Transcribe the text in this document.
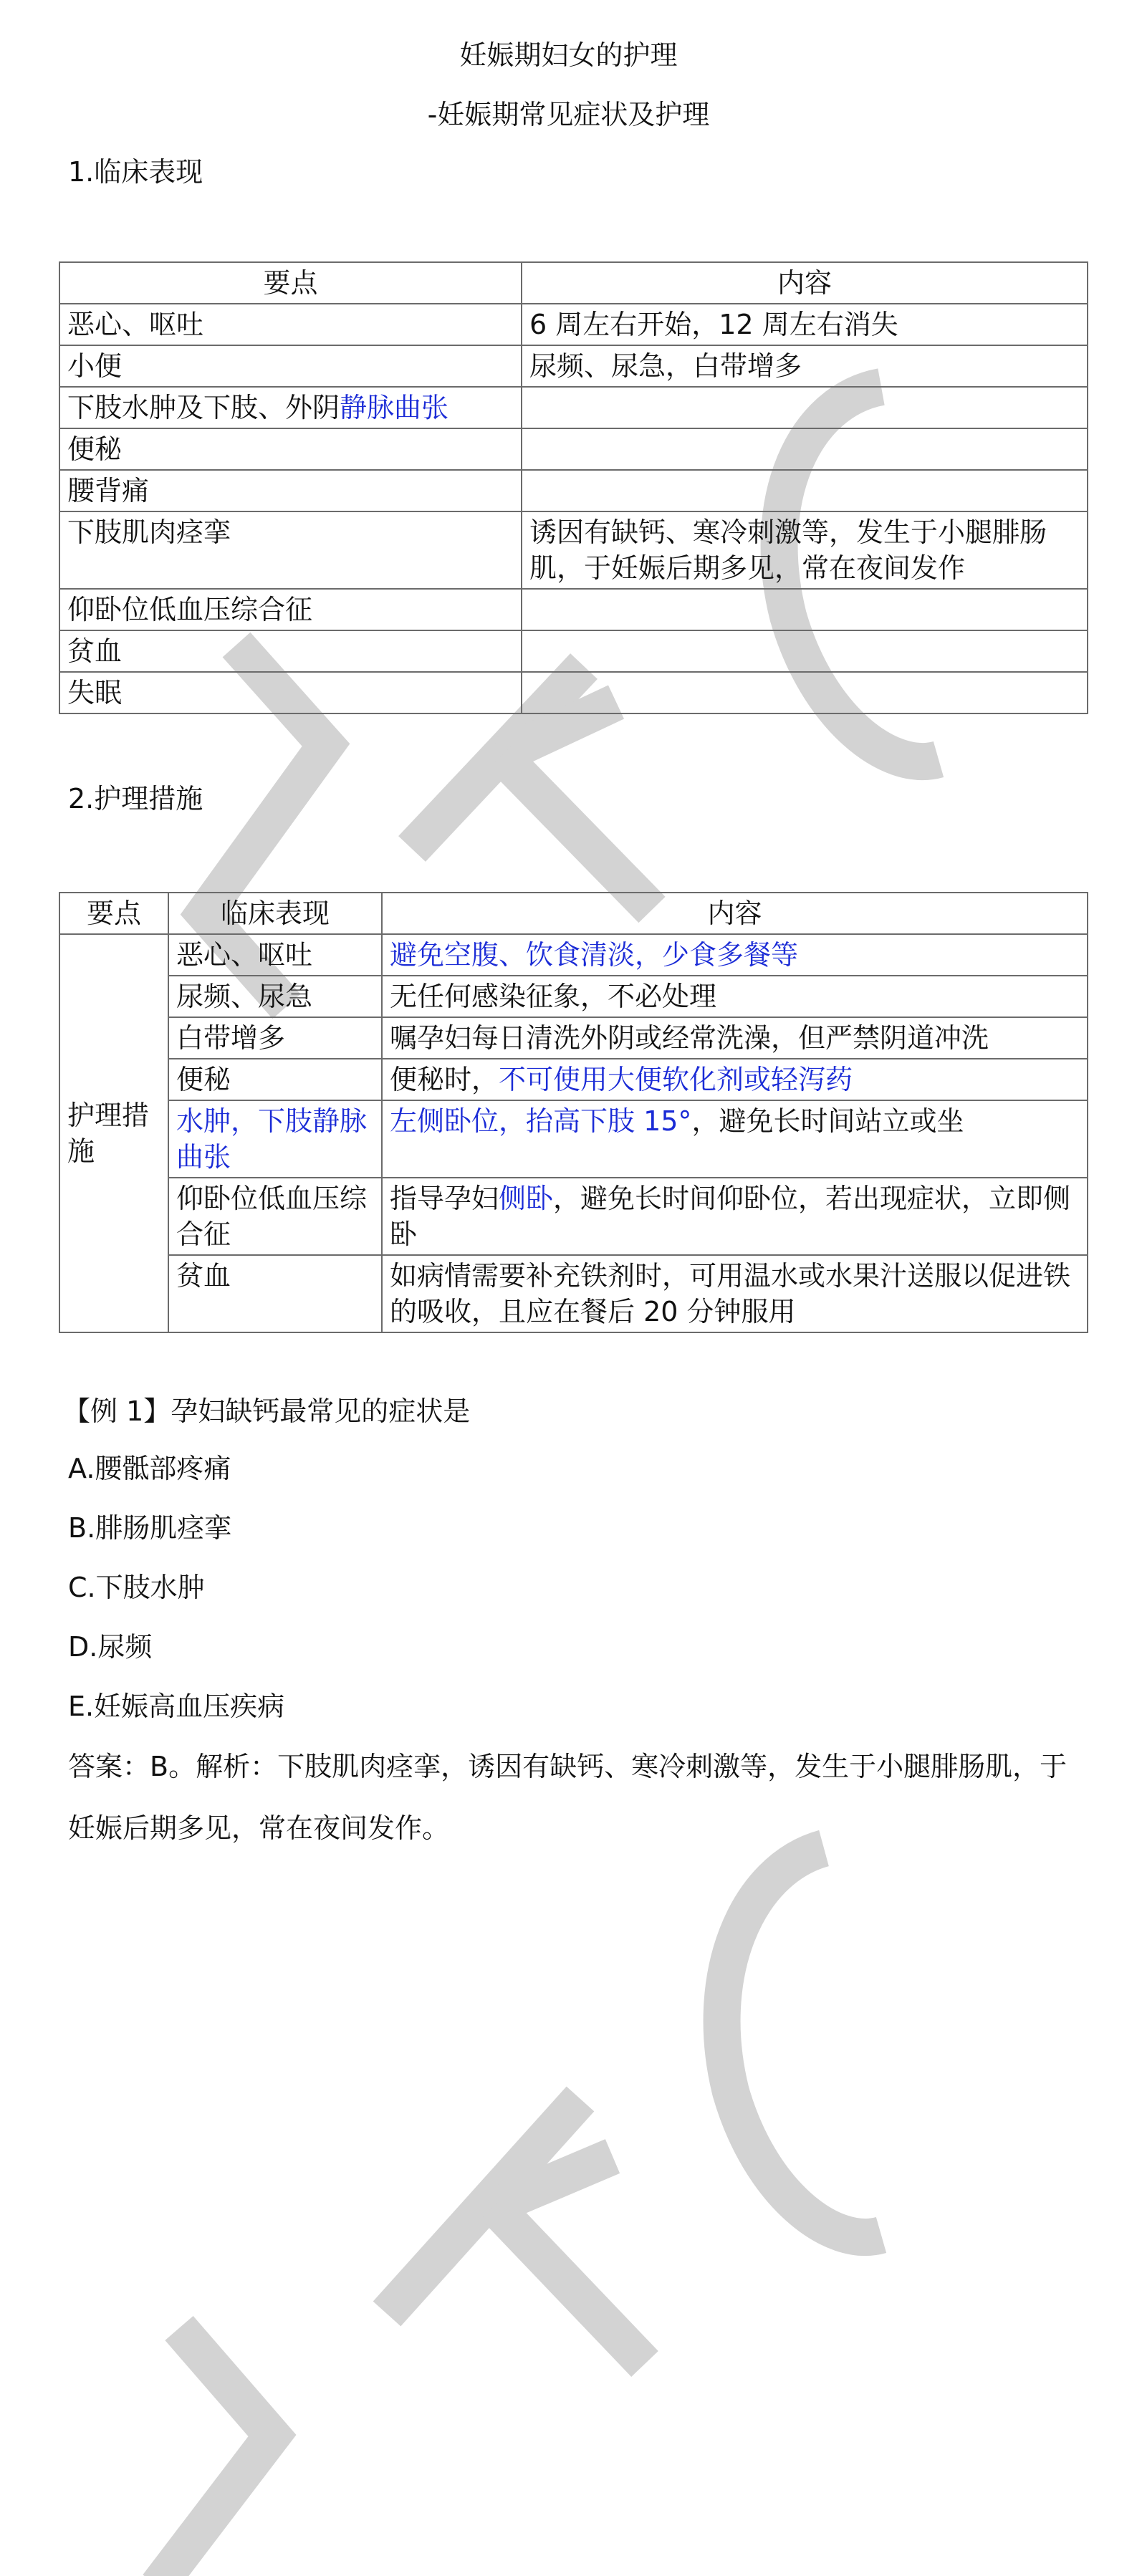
妊娠期妇女的护理
-妊娠期常见症状及护理
1.临床表现
要点	内容
恶心、呕吐	6 周左右开始，12 周左右消失
小便	尿频、尿急，白带增多
下肢水肿及下肢、外阴静脉曲张	
便秘	
腰背痛	
下肢肌肉痉挛	诱因有缺钙、寒冷刺激等，发生于小腿腓肠肌，于妊娠后期多见，常在夜间发作
仰卧位低血压综合征	
贫血	
失眠	
2.护理措施
要点	临床表现	内容
护理措施	恶心、呕吐	避免空腹、饮食清淡，少食多餐等
	尿频、尿急	无任何感染征象，不必处理
	白带增多	嘱孕妇每日清洗外阴或经常洗澡，但严禁阴道冲洗
	便秘	便秘时，不可使用大便软化剂或轻泻药
	水肿，下肢静脉曲张	左侧卧位，抬高下肢 15°，避免长时间站立或坐
	仰卧位低血压综合征	指导孕妇侧卧，避免长时间仰卧位，若出现症状，立即侧卧
	贫血	如病情需要补充铁剂时，可用温水或水果汁送服以促进铁的吸收，且应在餐后 20 分钟服用
【例 1】孕妇缺钙最常见的症状是
A.腰骶部疼痛
B.腓肠肌痉挛
C.下肢水肿
D.尿频
E.妊娠高血压疾病
答案：B。解析：下肢肌肉痉挛，诱因有缺钙、寒冷刺激等，发生于小腿腓肠肌，于妊娠后期多见，常在夜间发作。
